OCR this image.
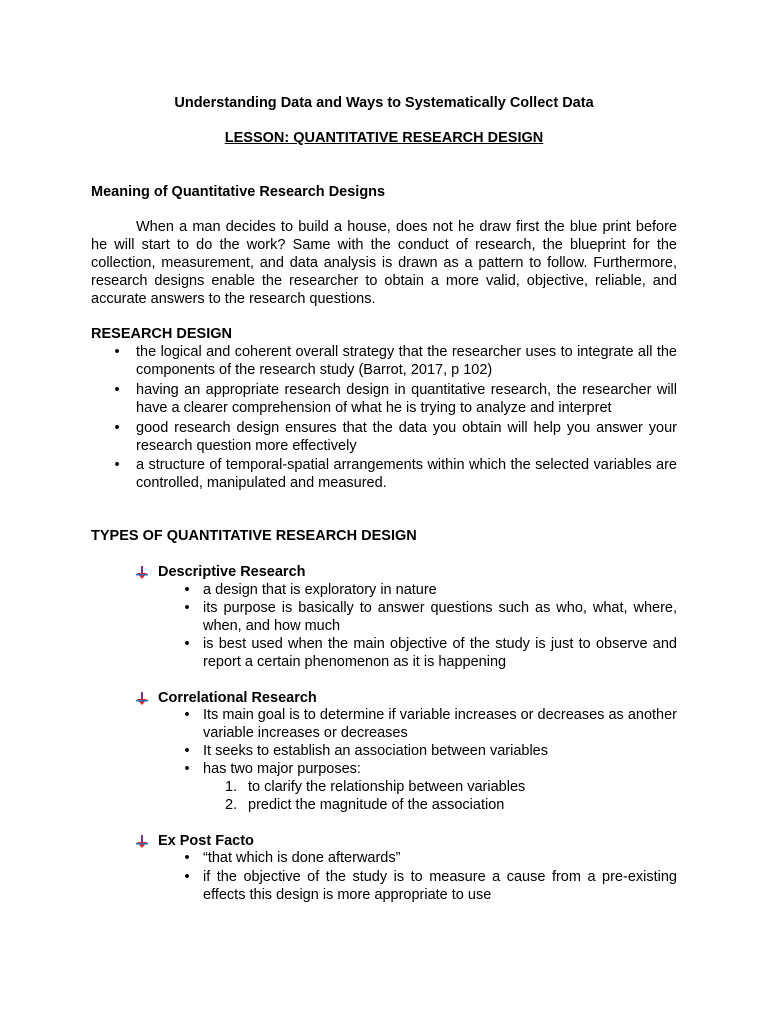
Understanding Data and Ways to Systematically Collect Data
LESSON: QUANTITATIVE RESEARCH DESIGN
Meaning of Quantitative Research Designs
When a man decides to build a house, does not he draw first the blue print before he will start to do the work? Same with the conduct of research, the blueprint for the collection, measurement, and data analysis is drawn as a pattern to follow. Furthermore, research designs enable the researcher to obtain a more valid, objective, reliable, and accurate answers to the research questions.
RESEARCH DESIGN
•	the logical and coherent overall strategy that the researcher uses to integrate all the components of the research study (Barrot, 2017, p 102)
•	having an appropriate research design in quantitative research, the researcher will have a clearer comprehension of what he is trying to analyze and interpret
•	good research design ensures that the data you obtain will help you answer your research question more effectively
•	a structure of temporal-spatial arrangements within which the selected variables are controlled, manipulated and measured.
TYPES OF QUANTITATIVE RESEARCH DESIGN
Descriptive Research
• a design that is exploratory in nature
• its purpose is basically to answer questions such as who, what, where, when, and how much
• is best used when the main objective of the study is just to observe and report a certain phenomenon as it is happening
Correlational Research
• Its main goal is to determine if variable increases or decreases as another variable increases or decreases
• It seeks to establish an association between variables
• has two major purposes:
1. to clarify the relationship between variables
2. predict the magnitude of the association
Ex Post Facto
• “that which is done afterwards”
• if the objective of the study is to measure a cause from a pre-existing effects this design is more appropriate to use
